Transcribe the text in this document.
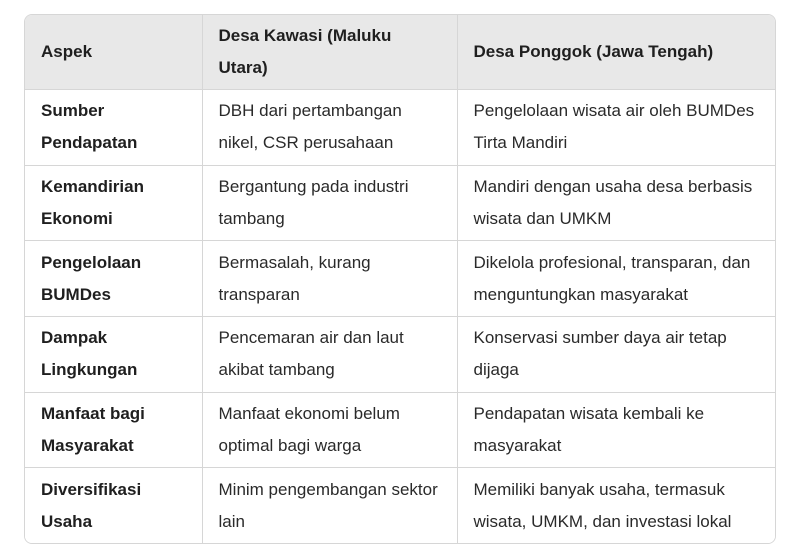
Aspek	Desa Kawasi (Maluku Utara)	Desa Ponggok (Jawa Tengah)
Sumber Pendapatan	DBH dari pertambangan nikel, CSR perusahaan	Pengelolaan wisata air oleh BUMDes Tirta Mandiri
Kemandirian Ekonomi	Bergantung pada industri tambang	Mandiri dengan usaha desa berbasis wisata dan UMKM
Pengelolaan BUMDes	Bermasalah, kurang transparan	Dikelola profesional, transparan, dan menguntungkan masyarakat
Dampak Lingkungan	Pencemaran air dan laut akibat tambang	Konservasi sumber daya air tetap dijaga
Manfaat bagi Masyarakat	Manfaat ekonomi belum optimal bagi warga	Pendapatan wisata kembali ke masyarakat
Diversifikasi Usaha	Minim pengembangan sektor lain	Memiliki banyak usaha, termasuk wisata, UMKM, dan investasi lokal
